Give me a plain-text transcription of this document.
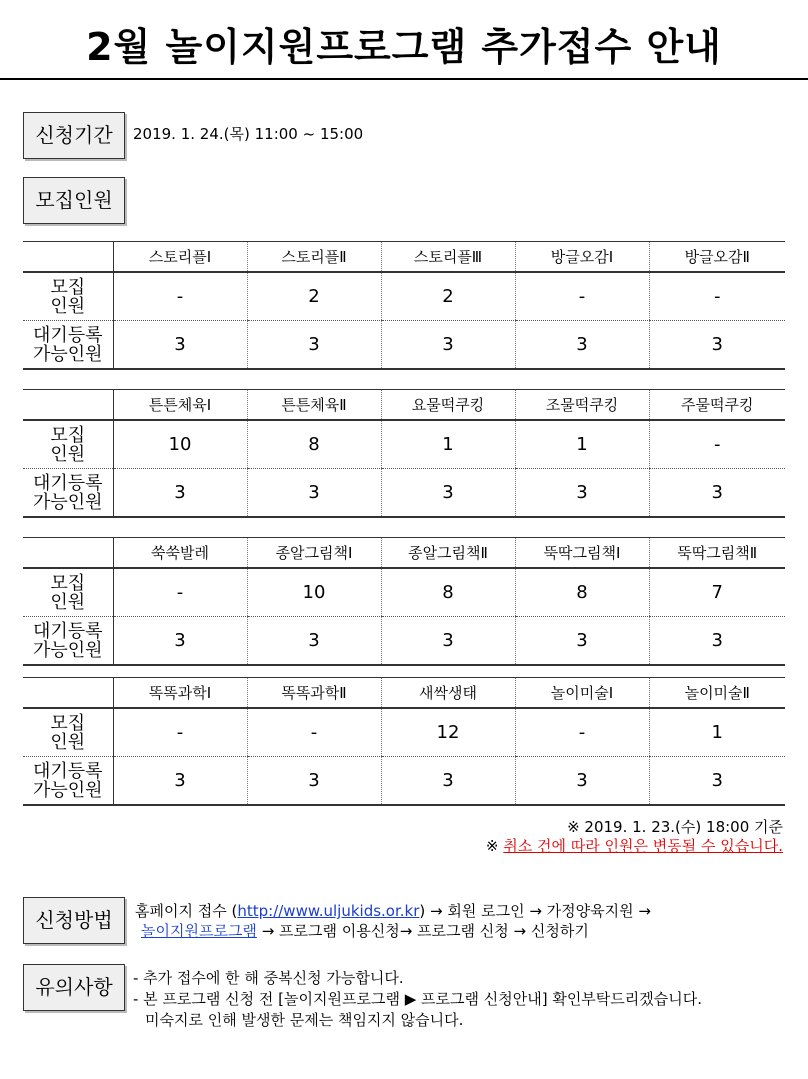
2월 놀이지원프로그램 추가접수 안내
신청기간	2019. 1. 24.(목) 11:00 ~ 15:00
모집인원
	스토리플Ⅰ	스토리플Ⅱ	스토리플Ⅲ	방글오감Ⅰ	방글오감Ⅱ

모집
인원	-	2	2	-	-

대기등록
가능인원	3	3	3	3	3
	튼튼체육Ⅰ	튼튼체육Ⅱ	요물떡쿠킹	조물떡쿠킹	주물떡쿠킹

모집
인원	10	8	1	1	-

대기등록
가능인원	3	3	3	3	3
	쑥쑥발레	종알그림책Ⅰ	종알그림책Ⅱ	뚝딱그림책Ⅰ	뚝딱그림책Ⅱ

모집
인원	-	10	8	8	7

대기등록
가능인원	3	3	3	3	3
	똑똑과학Ⅰ	똑똑과학Ⅱ	새싹생태	놀이미술Ⅰ	놀이미술Ⅱ

모집
인원	-	-	12	-	1

대기등록
가능인원	3	3	3	3	3
※ 2019. 1. 23.(수) 18:00 기준
※ 취소 건에 따라 인원은 변동될 수 있습니다.
신청방법	홈페이지 접수 (http://www.uljukids.or.kr) → 회원 로그인 → 가정양육지원 →
놀이지원프로그램 → 프로그램 이용신청→ 프로그램 신청 → 신청하기
유의사항	- 추가 접수에 한 해 중복신청 가능합니다.
- 본 프로그램 신청 전 [놀이지원프로그램 ▶ 프로그램 신청안내] 확인부탁드리겠습니다.
미숙지로 인해 발생한 문제는 책임지지 않습니다.
